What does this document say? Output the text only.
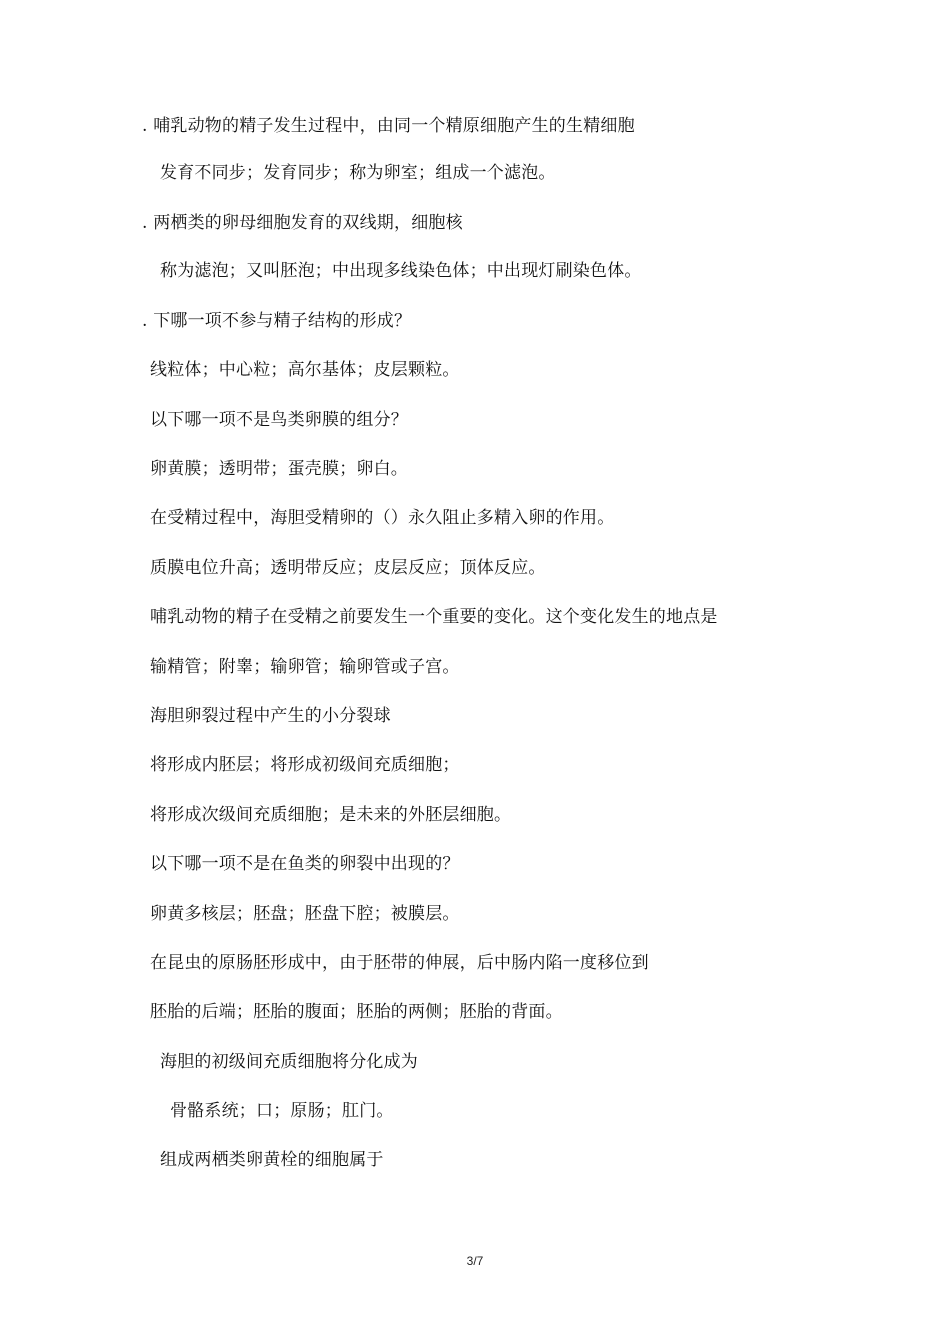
. 哺乳动物的精子发生过程中，由同一个精原细胞产生的生精细胞
发育不同步；发育同步；称为卵室；组成一个滤泡。
. 两栖类的卵母细胞发育的双线期，细胞核
称为滤泡；又叫胚泡；中出现多线染色体；中出现灯刷染色体。
. 下哪一项不参与精子结构的形成？
线粒体；中心粒；高尔基体；皮层颗粒。
以下哪一项不是鸟类卵膜的组分？
卵黄膜；透明带；蛋壳膜；卵白。
在受精过程中，海胆受精卵的（）永久阻止多精入卵的作用。
质膜电位升高；透明带反应；皮层反应；顶体反应。
哺乳动物的精子在受精之前要发生一个重要的变化。这个变化发生的地点是
输精管；附睾；输卵管；输卵管或子宫。
海胆卵裂过程中产生的小分裂球
将形成内胚层；将形成初级间充质细胞；
将形成次级间充质细胞；是未来的外胚层细胞。
以下哪一项不是在鱼类的卵裂中出现的？
卵黄多核层；胚盘；胚盘下腔；被膜层。
在昆虫的原肠胚形成中，由于胚带的伸展，后中肠内陷一度移位到
胚胎的后端；胚胎的腹面；胚胎的两侧；胚胎的背面。
海胆的初级间充质细胞将分化成为
骨骼系统；口；原肠；肛门。
组成两栖类卵黄栓的细胞属于
3/7
